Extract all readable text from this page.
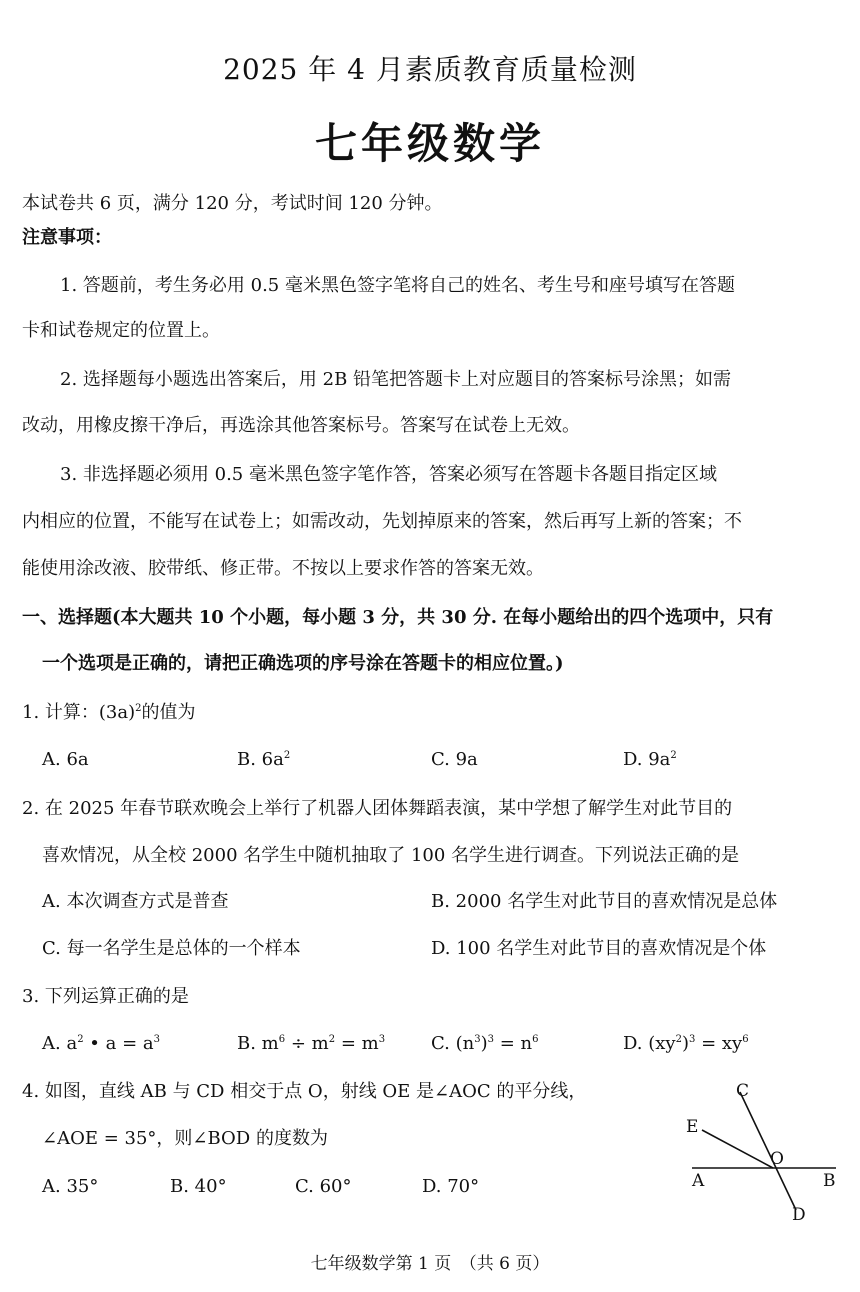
2025 年 4 月素质教育质量检测
七年级数学
本试卷共 6 页，满分 120 分，考试时间 120 分钟。
注意事项：
1. 答题前，考生务必用 0.5 毫米黑色签字笔将自己的姓名、考生号和座号填写在答题
卡和试卷规定的位置上。
2. 选择题每小题选出答案后，用 2B 铅笔把答题卡上对应题目的答案标号涂黑；如需
改动，用橡皮擦干净后，再选涂其他答案标号。答案写在试卷上无效。
3. 非选择题必须用 0.5 毫米黑色签字笔作答，答案必须写在答题卡各题目指定区域
内相应的位置，不能写在试卷上；如需改动，先划掉原来的答案，然后再写上新的答案；不
能使用涂改液、胶带纸、修正带。不按以上要求作答的答案无效。
一、选择题(本大题共 10 个小题，每小题 3 分，共 30 分. 在每小题给出的四个选项中，只有
一个选项是正确的，请把正确选项的序号涂在答题卡的相应位置。)
1. 计算：$(3a)^2$的值为
A. 6a	B. $6a^2$	C. 9a	D. $9a^2$
2. 在 2025 年春节联欢晚会上举行了机器人团体舞蹈表演，某中学想了解学生对此节目的
喜欢情况，从全校 2000 名学生中随机抽取了 100 名学生进行调查。下列说法正确的是
A. 本次调查方式是普查	B. 2000 名学生对此节目的喜欢情况是总体
C. 每一名学生是总体的一个样本	D. 100 名学生对此节目的喜欢情况是个体
3. 下列运算正确的是
A. $a^2$ • $a = a^3$	B. $m^6 \div m^2 = m^3$	C. $(n^3)^3 = n^6$	D. $(xy^2)^3 = xy^6$
4. 如图，直线 AB 与 CD 相交于点 O，射线 OE 是∠AOC 的平分线，
∠AOE = 35°，则∠BOD 的度数为
A. 35°	B. 40°	C. 60°	D. 70°
C
E
O
A	B
D
七年级数学第 1 页　（共 6 页）
